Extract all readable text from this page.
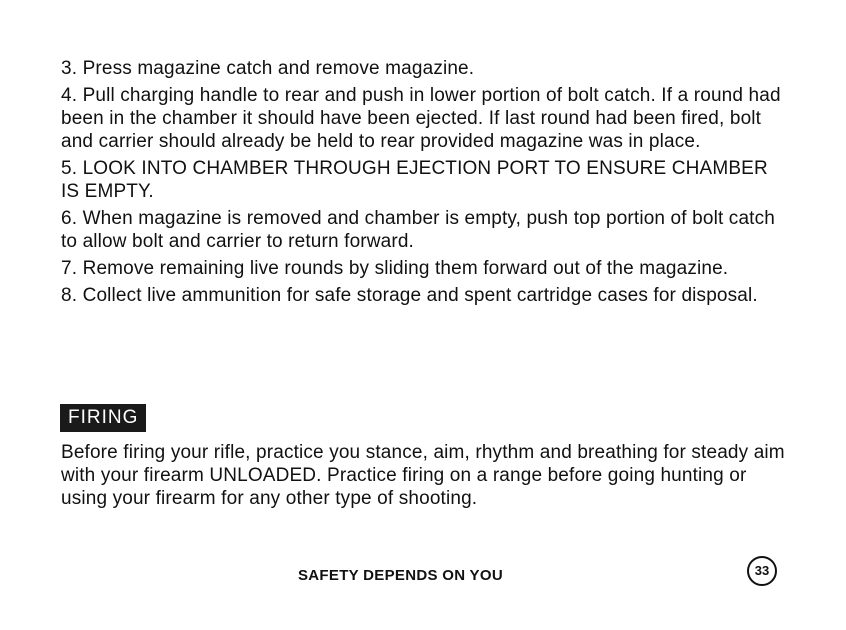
3. Press magazine catch and remove magazine.

4. Pull charging handle to rear and push in lower portion of bolt catch. If a round had been in the chamber it should have been ejected. If last round had been fired, bolt and carrier should already be held to rear provided magazine was in place.

5. LOOK INTO CHAMBER THROUGH EJECTION PORT TO ENSURE CHAMBER IS EMPTY.

6. When magazine is removed and chamber is empty, push top portion of bolt catch to allow bolt and carrier to return forward.

7. Remove remaining live rounds by sliding them forward out of the magazine.

8. Collect live ammunition for safe storage and spent cartridge cases for disposal.

FIRING

Before firing your rifle, practice you stance, aim, rhythm and breathing for steady aim with your firearm UNLOADED. Practice firing on a range before going hunting or using your firearm for any other type of shooting.

SAFETY DEPENDS ON YOU	33
